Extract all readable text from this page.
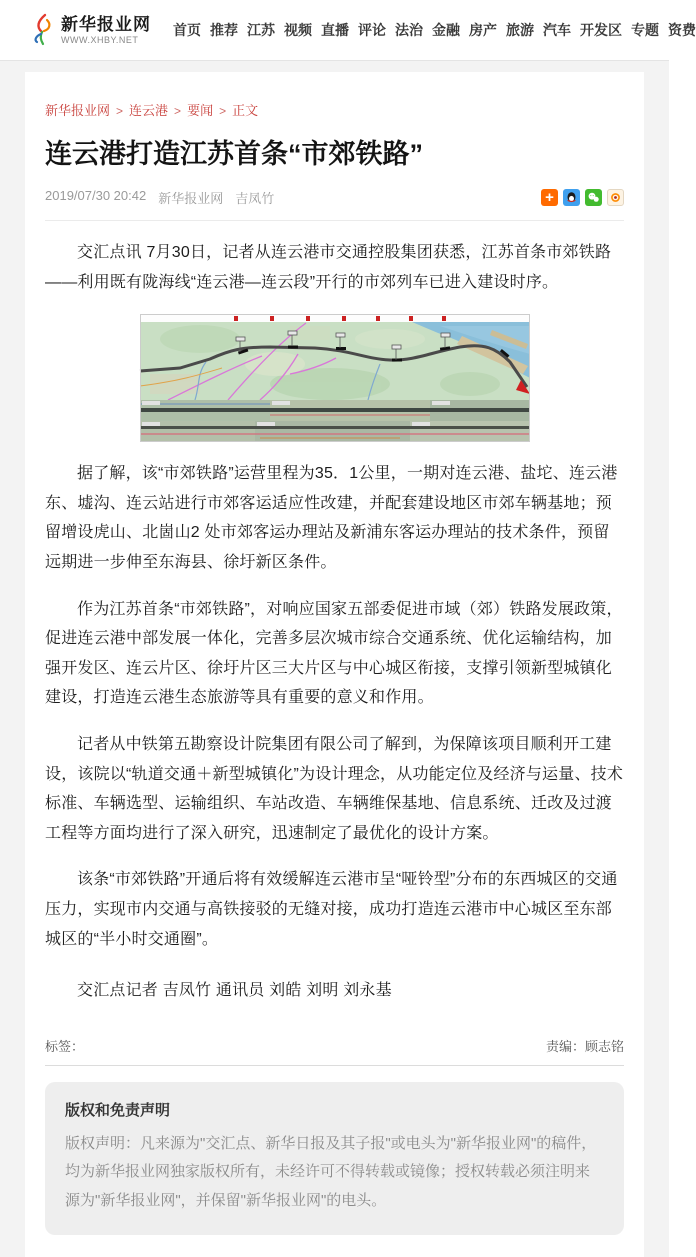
新华报业网
WWW.XHBY.NET
首页 推荐 江苏 视频 直播 评论 法治 金融 房产 旅游 汽车 开发区 专题 资费
新华报业网 > 连云港 > 要闻 > 正文
连云港打造江苏首条“市郊铁路”
2019/07/30 20:42 新华报业网 吉凤竹	+

交汇点讯 7月30日，记者从连云港市交通控股集团获悉，江苏首条市郊铁路——利用既有陇海线“连云港—连云段”开行的市郊列车已进入建设时序。

据了解，该“市郊铁路”运营里程为35．1公里，一期对连云港、盐坨、连云港东、墟沟、连云站进行市郊客运适应性改建，并配套建设地区市郊车辆基地；预留增设虎山、北崮山2 处市郊客运办理站及新浦东客运办理站的技术条件，预留远期进一步伸至东海县、徐圩新区条件。

作为江苏首条“市郊铁路”，对响应国家五部委促进市域（郊）铁路发展政策，促进连云港中部发展一体化，完善多层次城市综合交通系统、优化运输结构，加强开发区、连云片区、徐圩片区三大片区与中心城区衔接，支撑引领新型城镇化建设，打造连云港生态旅游等具有重要的意义和作用。

记者从中铁第五勘察设计院集团有限公司了解到，为保障该项目顺利开工建设，该院以“轨道交通＋新型城镇化”为设计理念，从功能定位及经济与运量、技术标准、车辆选型、运输组织、车站改造、车辆维保基地、信息系统、迁改及过渡工程等方面均进行了深入研究，迅速制定了最优化的设计方案。

该条“市郊铁路”开通后将有效缓解连云港市呈“哑铃型”分布的东西城区的交通压力，实现市内交通与高铁接驳的无缝对接，成功打造连云港市中心城区至东部城区的“半小时交通圈”。

交汇点记者 吉凤竹 通讯员 刘皓 刘明 刘永基

标签：	责编：顾志铭
版权和免责声明
版权声明：凡来源为"交汇点、新华日报及其子报"或电头为"新华报业网"的稿件，均为新华报业网独家版权所有，未经许可不得转载或镜像；授权转载必须注明来源为"新华报业网"，并保留"新华报业网"的电头。
